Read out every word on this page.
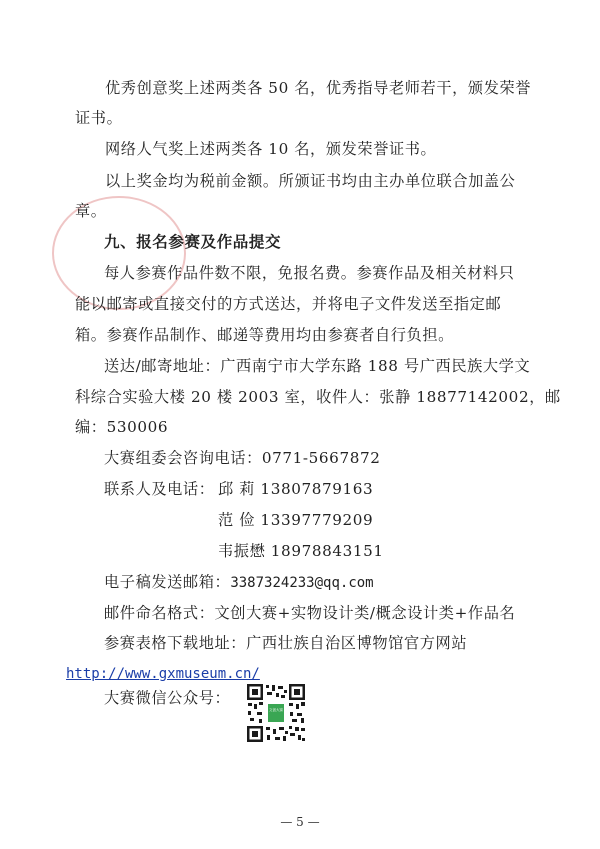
优秀创意奖上述两类各 50 名，优秀指导老师若干，颁发荣誉
证书。
网络人气奖上述两类各 10 名，颁发荣誉证书。
以上奖金均为税前金额。所颁证书均由主办单位联合加盖公
章。
九、报名参赛及作品提交
每人参赛作品件数不限，免报名费。参赛作品及相关材料只
能以邮寄或直接交付的方式送达，并将电子文件发送至指定邮
箱。参赛作品制作、邮递等费用均由参赛者自行负担。
送达/邮寄地址：广西南宁市大学东路 188 号广西民族大学文
科综合实验大楼 20 楼 2003 室，收件人：张静 18877142002，邮
编：530006
大赛组委会咨询电话：0771-5667872
联系人及电话： 邱 莉 13807879163
范 俭 13397779209
韦振懋 18978843151
电子稿发送邮箱：3387324233@qq.com
邮件命名格式：文创大赛+实物设计类/概念设计类+作品名
参赛表格下载地址：广西壮族自治区博物馆官方网站
http://www.gxmuseum.cn/
大赛微信公众号：
文创大赛
— 5 —
